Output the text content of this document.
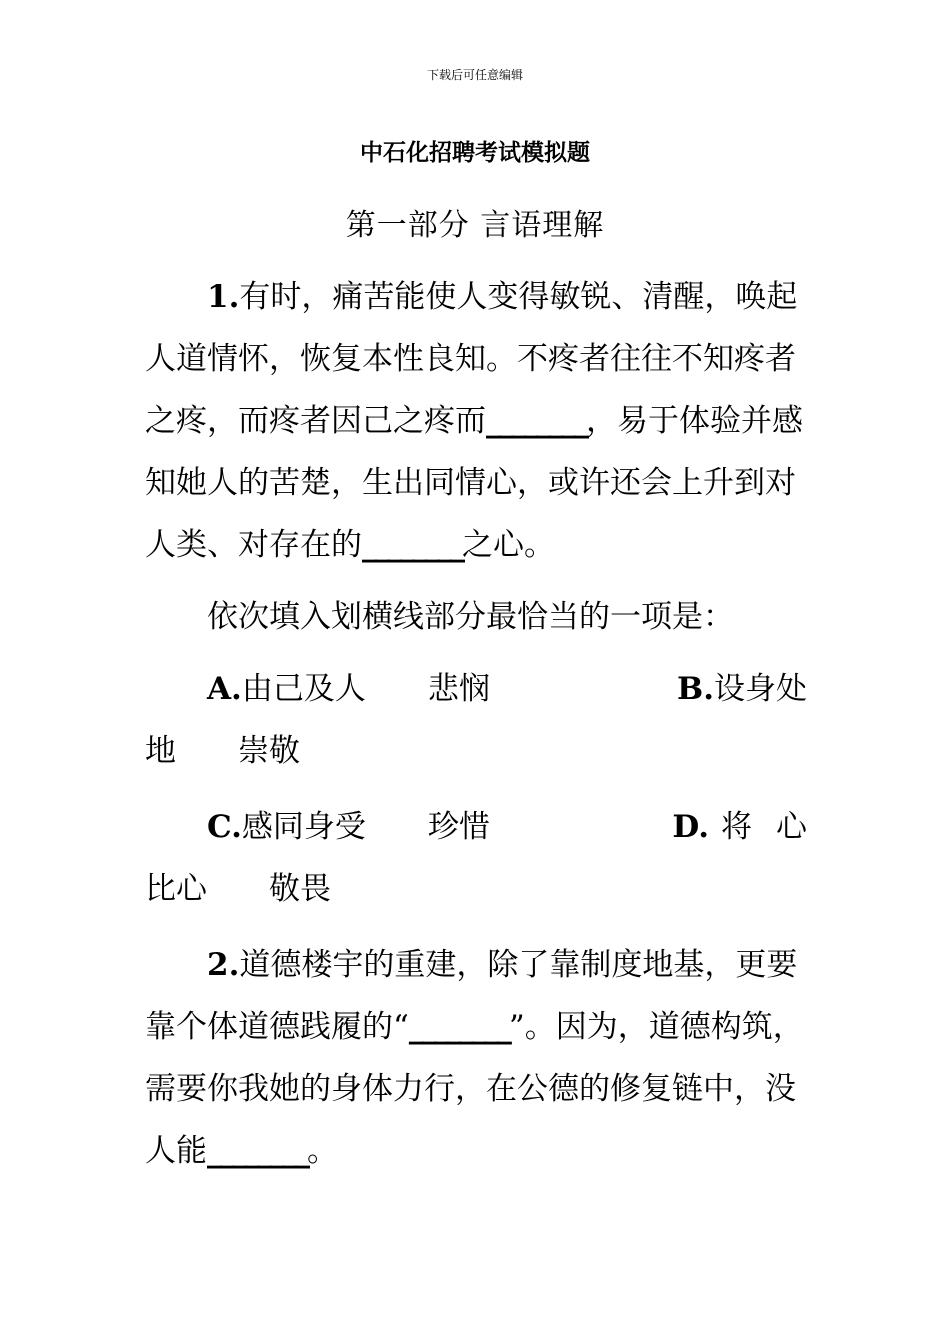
下载后可任意编辑
中石化招聘考试模拟题
第一部分 言语理解

1.有时，痛苦能使人变得敏锐、清醒，唤起人道情怀，恢复本性良知。不疼者往往不知疼者之疼，而疼者因己之疼而________，易于体验并感知她人的苦楚，生出同情心，或许还会上升到对人类、对存在的________之心。

依次填入划横线部分最恰当的一项是：

A.由己及人 悲悯	B.设身处
地 崇敬
C.感同身受 珍惜	D. 将 心
比心 敬畏

2.道德楼宇的重建，除了靠制度地基，更要靠个体道德践履的“________”。因为，道德构筑，需要你我她的身体力行，在公德的修复链中，没人能________。
